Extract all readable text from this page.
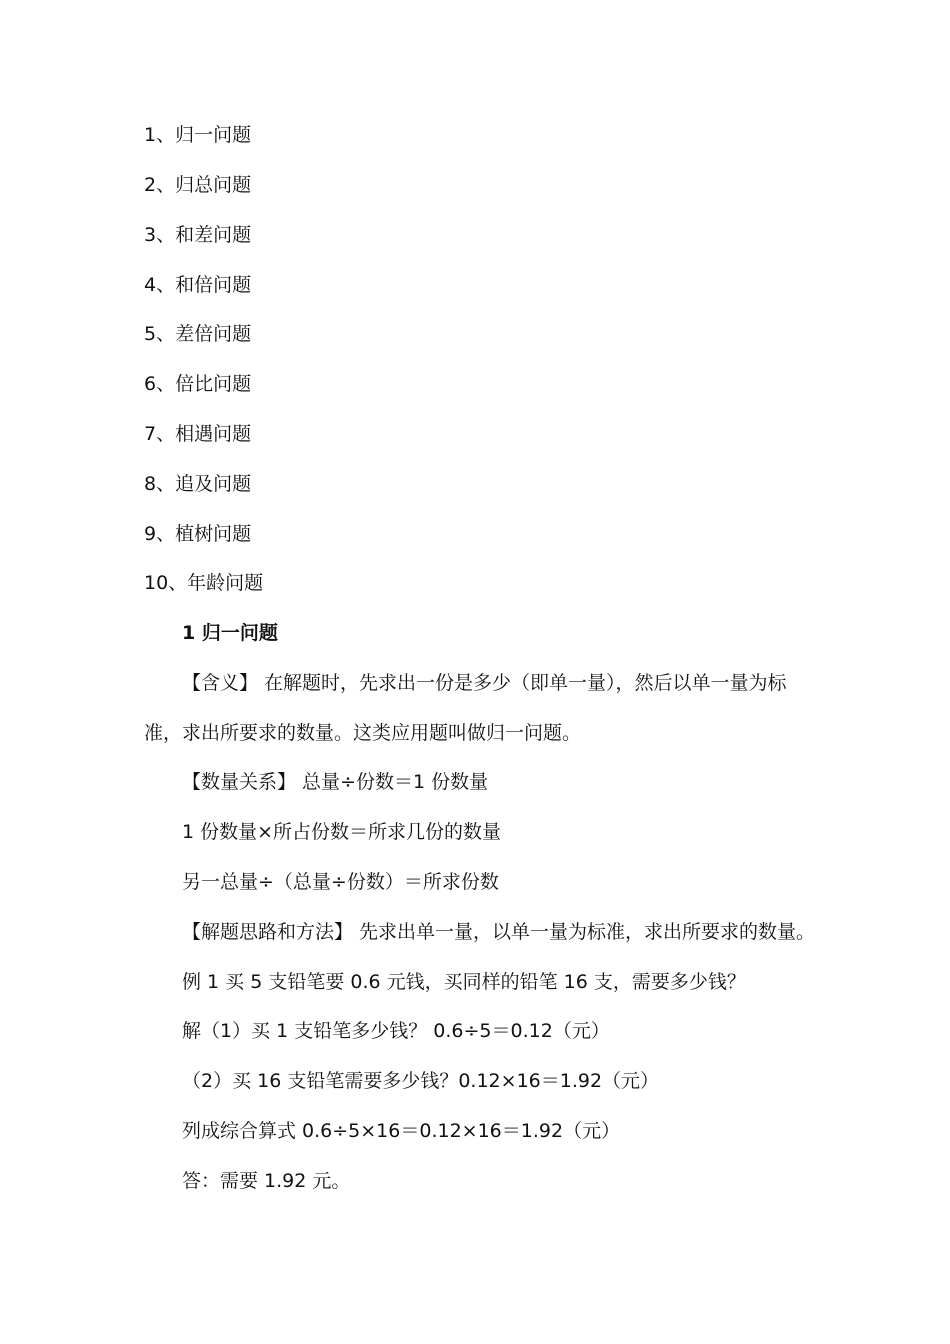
1、归一问题
2、归总问题
3、和差问题
4、和倍问题
5、差倍问题
6、倍比问题
7、相遇问题
8、追及问题
9、植树问题
10、年龄问题
1 归一问题
【含义】 在解题时，先求出一份是多少（即单一量），然后以单一量为标
准，求出所要求的数量。这类应用题叫做归一问题。
【数量关系】 总量÷份数＝1 份数量
1 份数量×所占份数＝所求几份的数量
另一总量÷（总量÷份数）＝所求份数
【解题思路和方法】 先求出单一量，以单一量为标准，求出所要求的数量。
例 1 买 5 支铅笔要 0.6 元钱，买同样的铅笔 16 支，需要多少钱？
解（1）买 1 支铅笔多少钱？ 0.6÷5＝0.12（元）
（2）买 16 支铅笔需要多少钱？0.12×16＝1.92（元）
列成综合算式 0.6÷5×16＝0.12×16＝1.92（元）
答：需要 1.92 元。
